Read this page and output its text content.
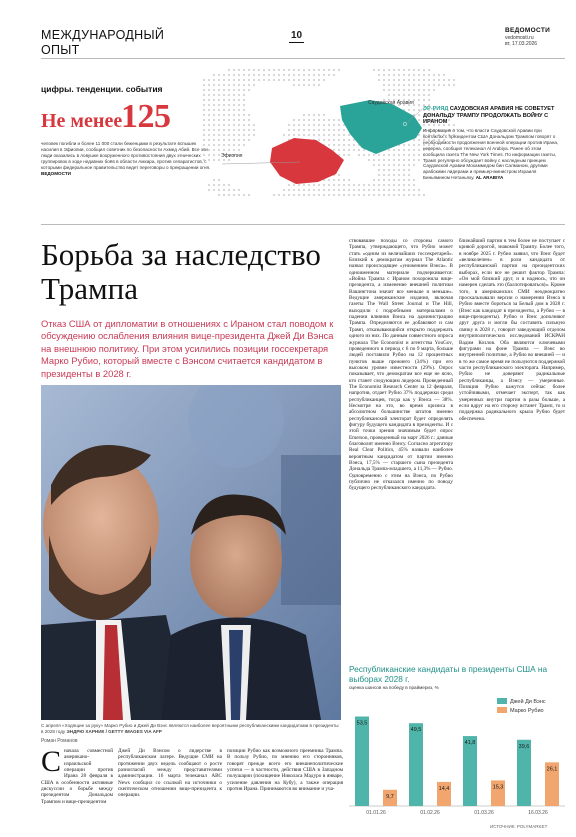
МЕЖДУНАРОДНЫЙ
ОПЫТ
10	ВЕДОМОСТИ
vedomosti.ru
вт, 17.03.2026
цифры. тенденции. события
Саудовская Аравия
Эфиопия
Не менее
125
человек погибли и более 11 000 стали беженцами в результате вспышек насилия в Эфиопии, сообщил советник по безопасности Ахмед Абий. Все эти люди оказались в ловушке вооруженного противостояния двух этнических группировок в ходе недавних боёв в области Амхара, против сепаратистов, с которыми федеральное правительство ведет переговоры о прекращении огня. ВЕДОМОСТИ
ЭР-РИЯД САУДОВСКАЯ АРАВИЯ НЕ СОВЕТУЕТ ДОНАЛЬДУ ТРАМПУ ПРОДОЛЖАТЬ ВОЙНУ С ИРАНОМ
Информация о том, что власти Саудовской Аравии при контактах с президентом США Дональдом Трампом говорят о необходимости продолжения военной операции против Ирана, неверна, сообщил телеканал Al Arabiya. Ранее об этом сообщила газета The New York Times. По информации газеты, Трамп регулярно обсуждает войну с наследным принцем Саудовской Аравии Мохаммедом бин Салманом, другими арабскими лидерами и премьер-министром Израиля Биньямином Нетаньяху. AL ARABIYA
Борьба за наследство Трампа

Отказ США от дипломатии в отношениях с Ираном стал поводом к обсуждению ослабления влияния вице-президента Джей Ди Вэнса на внешнюю политику. При этом усилились позиции госсекретаря Марко Рубио, который вместе с Вэнсом считается кандидатом в президенты в 2028 г.

С апреля «Ходящие за руку» Марко Рубио и Джей Ди Вэнс являются наиболее вероятными республиканскими кандидатами в президенты в 2028 году ЭНДРЮ ХАРНИК / GETTY IMAGES VIA AFP
Роман Романов
С начала совместной американо-израильской операции против Ирана 28 февраля в США в особенности активные дискуссии о борьбе между президентом Дональдом Трампом и вице-президентом
Джей Ди Вэнсом о лидерстве в республиканском лагере. Ведущие СМИ на протяжении двух недель сообщают о росте разногласий между представителями администрации. 16 марта телеканал ABC News сообщил со ссылкой на источники о скептическом отношении вице-президента к операции.
позиции Рубио как возможного преемника Трампа. В пользу Рубио, по мнению его сторонников, говорят прежде всего его внешнеполитические успехи — в частности, действия США в Западном полушарии (похищение Николаса Мадуро в январе, усиление давления на Кубу), а также операция против Ирана. Принимаются во внимание и уча-
ствовавшие походы со стороны самого Трампа, утверждающего, что Рубио может стать «одним из величайших госсекретарей». Близкий к демократам журнал The Atlantic назвал происходящее «унижением Вэнса». В одноименном материале подчеркивается: «Война Трампа с Ираном похоронила вице-президента, а изменение внешней политики Вашингтона значит все меньше и меньше». Ведущие американские издания, включая газеты The Wall Street Journal и The Hill, выходили с подробными материалами о падении влияния Вэнса на администрацию Трампа. Определяются ее добавляют и сам Трамп, отказывающийся открыто поддержать одного из них. По данным совместного опроса журнала The Economist и агентства YouGov, проведенного в период с 6 по 9 марта, больше людей поставили Рубио на 12 процентных пунктов выше прежнего (34%) при его высоком уровне известности (29%). Опрос показывает, что демократам все еще не ясно, кто станет следующим лидером. Проведенный The Economist Research Center за 12 февраля, напротив, отдает Рубио 37% поддержки среди республиканцев, тогда как у Вэнса — 38%. Несмотря на это, во время кризиса в абсолютном большинстве штатов именно республиканский электорат будет определять фигуру будущего кандидата в президенты. И с этой точки зрения значимым будет опрос Emerson, проведенный на март 2026 г.: данные благоволят именно Вэнсу. Согласно агрегатору Real Clear Politics, 45% назвали наиболее вероятным кандидатом от партии именно Вэнса, 17,5% — старшего сына президента Дональда Трампа-младшего, а 11,3% — Рубио. Одновременно с этим на Вэнса, по Рубио публично не отказался именно по поводу будущего республиканского кандидата.
ближайший партии в тем более не поступает с кривой дорогой, знакомой Трампу. Более того, в ноябре 2025 г. Рубио заявил, что Вэнс будет «великолепен» в роли кандидата от республиканской партии на президентских выборах, если все не решит фактор Трампа: «Он мой близкий друг, и я надеюсь, что он намерен сделать это (баллотироваться)». Кроме того, в американских СМИ неоднократно проскальзывали версии о намерении Вэнса в Рубио вместе бороться за Белый дом в 2028 г. (Вэнс как кандидат в президенты, а Рубио — в вице-президенты). Рубио и Вэнс дополняют друг друга и могли бы составить сильную связку в 2028 г., говорит заведующий отделом внутриполитических исследований ИСКРАН Вадим Козлов. Оба являются ключевыми фигурами на фоне Трампа — Вэнс во внутренней политике, а Рубио во внешней — и в то же самое время не пользуются поддержкой части республиканского электората. Например, Рубио не доверяют радикальные республиканцы, а Вэнсу — умеренные. Позиция Рубио кажутся сейчас более устойчивыми, отмечает эксперт, так как умеренных внутри партии в разы больше, а если вдруг на его сторону встанет Трамп, то и поддержка радикального крыла Рубио будет обеспечена.
Республиканские кандидаты в президенты США на выборах 2028 г.
оценка шансов на победу в праймериз, %
Джей Ди Вэнс
Марко Рубио
53,5
9,7
01.01.26
49,5
14,4
01.02.26
41,8
15,3
01.03.26
39,6
26,1
16.03.26
ИСТОЧНИК: POLYMARKET
